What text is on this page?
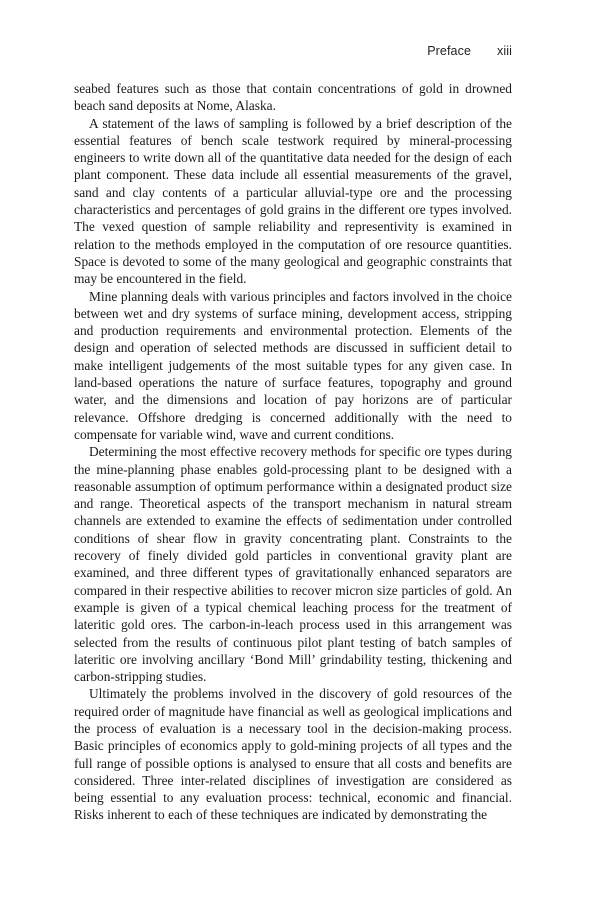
Preface xiii

seabed features such as those that contain concentrations of gold in drowned beach sand deposits at Nome, Alaska.

A statement of the laws of sampling is followed by a brief description of the essential features of bench scale testwork required by mineral-processing engineers to write down all of the quantitative data needed for the design of each plant component. These data include all essential measurements of the gravel, sand and clay contents of a particular alluvial-type ore and the processing characteristics and percentages of gold grains in the different ore types involved. The vexed question of sample reliability and representivity is examined in relation to the methods employed in the computation of ore resource quantities. Space is devoted to some of the many geological and geographic constraints that may be encountered in the field.

Mine planning deals with various principles and factors involved in the choice between wet and dry systems of surface mining, development access, stripping and production requirements and environmental protection. Elements of the design and operation of selected methods are discussed in sufficient detail to make intelligent judgements of the most suitable types for any given case. In land-based operations the nature of surface features, topography and ground water, and the dimensions and location of pay horizons are of particular relevance. Offshore dredging is concerned additionally with the need to compensate for variable wind, wave and current conditions.

Determining the most effective recovery methods for specific ore types during the mine-planning phase enables gold-processing plant to be designed with a reasonable assumption of optimum performance within a designated product size and range. Theoretical aspects of the transport mechanism in natural stream channels are extended to examine the effects of sedimentation under controlled conditions of shear flow in gravity concentrating plant. Constraints to the recovery of finely divided gold particles in conventional gravity plant are examined, and three different types of gravitationally enhanced separators are compared in their respective abilities to recover micron size particles of gold. An example is given of a typical chemical leaching process for the treatment of lateritic gold ores. The carbon-in-leach process used in this arrangement was selected from the results of continuous pilot plant testing of batch samples of lateritic ore involving ancillary ‘Bond Mill’ grindability testing, thickening and carbon-stripping studies.

Ultimately the problems involved in the discovery of gold resources of the required order of magnitude have financial as well as geological implications and the process of evaluation is a necessary tool in the decision-making process. Basic principles of economics apply to gold-mining projects of all types and the full range of possible options is analysed to ensure that all costs and benefits are considered. Three inter-related disciplines of investigation are considered as being essential to any evaluation process: technical, economic and financial. Risks inherent to each of these techniques are indicated by demonstrating the
